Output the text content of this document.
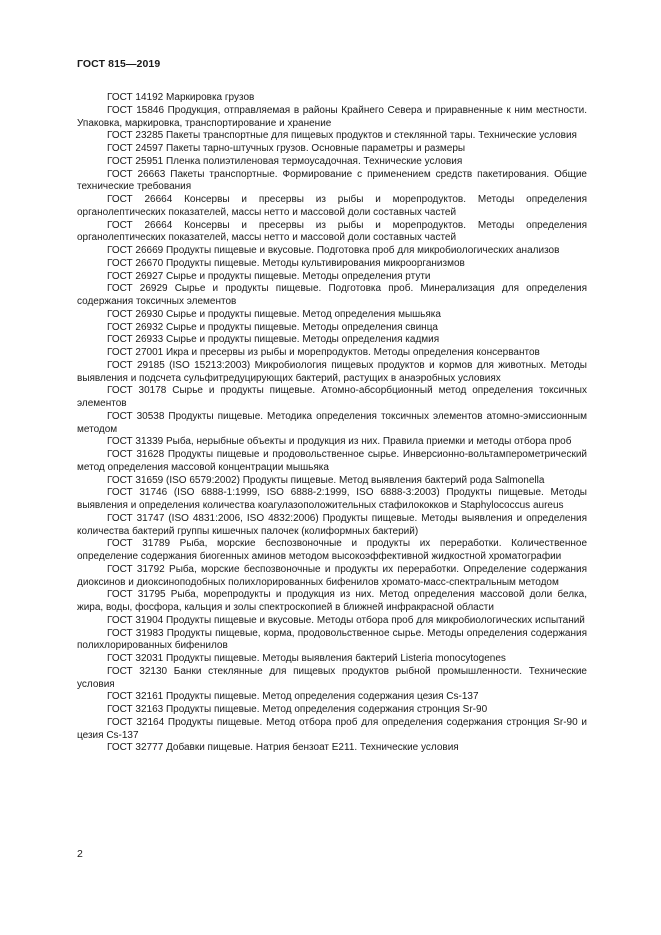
ГОСТ 815—2019

ГОСТ 14192 Маркировка грузов

ГОСТ 15846 Продукция, отправляемая в районы Крайнего Севера и приравненные к ним местности. Упаковка, маркировка, транспортирование и хранение

ГОСТ 23285 Пакеты транспортные для пищевых продуктов и стеклянной тары. Технические условия

ГОСТ 24597 Пакеты тарно-штучных грузов. Основные параметры и размеры

ГОСТ 25951 Пленка полиэтиленовая термоусадочная. Технические условия

ГОСТ 26663 Пакеты транспортные. Формирование с применением средств пакетирования. Общие технические требования

ГОСТ 26664 Консервы и пресервы из рыбы и морепродуктов. Методы определения органолептических показателей, массы нетто и массовой доли составных частей

ГОСТ 26664 Консервы и пресервы из рыбы и морепродуктов. Методы определения органолептических показателей, массы нетто и массовой доли составных частей

ГОСТ 26669 Продукты пищевые и вкусовые. Подготовка проб для микробиологических анализов

ГОСТ 26670 Продукты пищевые. Методы культивирования микроорганизмов

ГОСТ 26927 Сырье и продукты пищевые. Методы определения ртути

ГОСТ 26929 Сырье и продукты пищевые. Подготовка проб. Минерализация для определения содержания токсичных элементов

ГОСТ 26930 Сырье и продукты пищевые. Метод определения мышьяка

ГОСТ 26932 Сырье и продукты пищевые. Методы определения свинца

ГОСТ 26933 Сырье и продукты пищевые. Методы определения кадмия

ГОСТ 27001 Икра и пресервы из рыбы и морепродуктов. Методы определения консервантов

ГОСТ 29185 (ISO 15213:2003) Микробиология пищевых продуктов и кормов для животных. Методы выявления и подсчета сульфитредуцирующих бактерий, растущих в анаэробных условиях

ГОСТ 30178 Сырье и продукты пищевые. Атомно-абсорбционный метод определения токсичных элементов

ГОСТ 30538 Продукты пищевые. Методика определения токсичных элементов атомно-эмиссионным методом

ГОСТ 31339 Рыба, нерыбные объекты и продукция из них. Правила приемки и методы отбора проб

ГОСТ 31628 Продукты пищевые и продовольственное сырье. Инверсионно-вольтамперометрический метод определения массовой концентрации мышьяка

ГОСТ 31659 (ISO 6579:2002) Продукты пищевые. Метод выявления бактерий рода Salmonella

ГОСТ 31746 (ISO 6888-1:1999, ISO 6888-2:1999, ISO 6888-3:2003) Продукты пищевые. Методы выявления и определения количества коагулазоположительных стафилококков и Staphylococcus aureus

ГОСТ 31747 (ISO 4831:2006, ISO 4832:2006) Продукты пищевые. Методы выявления и определения количества бактерий группы кишечных палочек (колиформных бактерий)

ГОСТ 31789 Рыба, морские беспозвоночные и продукты их переработки. Количественное определение содержания биогенных аминов методом высокоэффективной жидкостной хроматографии

ГОСТ 31792 Рыба, морские беспозвоночные и продукты их переработки. Определение содержания диоксинов и диоксиноподобных полихлорированных бифенилов хромато-масс-спектральным методом

ГОСТ 31795 Рыба, морепродукты и продукция из них. Метод определения массовой доли белка, жира, воды, фосфора, кальция и золы спектроскопией в ближней инфракрасной области

ГОСТ 31904 Продукты пищевые и вкусовые. Методы отбора проб для микробиологических испытаний

ГОСТ 31983 Продукты пищевые, корма, продовольственное сырье. Методы определения содержания полихлорированных бифенилов

ГОСТ 32031 Продукты пищевые. Методы выявления бактерий Listeria monocytogenes

ГОСТ 32130 Банки стеклянные для пищевых продуктов рыбной промышленности. Технические условия

ГОСТ 32161 Продукты пищевые. Метод определения содержания цезия Cs-137

ГОСТ 32163 Продукты пищевые. Метод определения содержания стронция Sr-90

ГОСТ 32164 Продукты пищевые. Метод отбора проб для определения содержания стронция Sr-90 и цезия Cs-137

ГОСТ 32777 Добавки пищевые. Натрия бензоат E211. Технические условия

2
